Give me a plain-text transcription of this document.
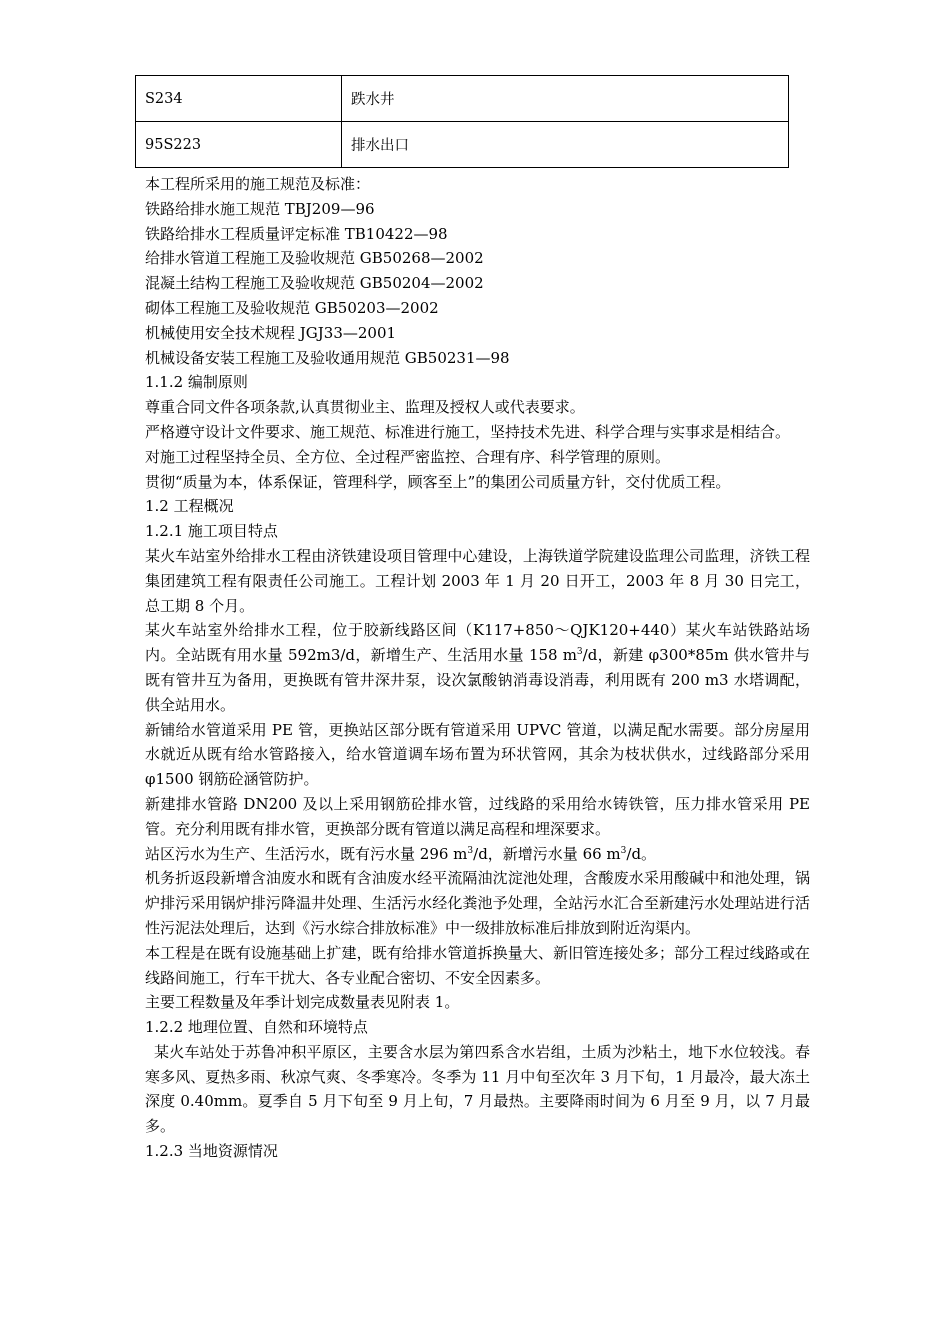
S234	跌水井
95S223	排水出口

本工程所采用的施工规范及标准：

铁路给排水施工规范 TBJ209—96

铁路给排水工程质量评定标准 TB10422—98

给排水管道工程施工及验收规范 GB50268—2002

混凝土结构工程施工及验收规范 GB50204—2002

砌体工程施工及验收规范 GB50203—2002

机械使用安全技术规程 JGJ33—2001

机械设备安装工程施工及验收通用规范 GB50231—98

1.1.2 编制原则

尊重合同文件各项条款,认真贯彻业主、监理及授权人或代表要求。

严格遵守设计文件要求、施工规范、标准进行施工，坚持技术先进、科学合理与实事求是相结合。

对施工过程坚持全员、全方位、全过程严密监控、合理有序、科学管理的原则。

贯彻“质量为本，体系保证，管理科学，顾客至上”的集团公司质量方针，交付优质工程。

1.2 工程概况

1.2.1 施工项目特点

某火车站室外给排水工程由济铁建设项目管理中心建设，上海铁道学院建设监理公司监理，济铁工程集团建筑工程有限责任公司施工。工程计划 2003 年 1 月 20 日开工，2003 年 8 月 30 日完工，总工期 8 个月。

某火车站室外给排水工程，位于胶新线路区间（K117+850～QJK120+440）某火车站铁路站场内。全站既有用水量 592m3/d，新增生产、生活用水量 158 $m^3/d$，新建 φ300*85m 供水管井与既有管井互为备用，更换既有管井深井泵，设次氯酸钠消毒设消毒，利用既有 200 m3 水塔调配，供全站用水。

新铺给水管道采用 PE 管，更换站区部分既有管道采用 UPVC 管道，以满足配水需要。部分房屋用水就近从既有给水管路接入，给水管道调车场布置为环状管网，其余为枝状供水，过线路部分采用 φ1500 钢筋砼涵管防护。

新建排水管路 DN200 及以上采用钢筋砼排水管，过线路的采用给水铸铁管，压力排水管采用 PE 管。充分利用既有排水管，更换部分既有管道以满足高程和埋深要求。

站区污水为生产、生活污水，既有污水量 296 $m^3/d$，新增污水量 66 $m^3/d$。

机务折返段新增含油废水和既有含油废水经平流隔油沈淀池处理，含酸废水采用酸碱中和池处理，锅炉排污采用锅炉排污降温井处理、生活污水经化粪池予处理，全站污水汇合至新建污水处理站进行活性污泥法处理后，达到《污水综合排放标准》中一级排放标准后排放到附近沟渠内。

本工程是在既有设施基础上扩建，既有给排水管道拆换量大、新旧管连接处多；部分工程过线路或在线路间施工，行车干扰大、各专业配合密切、不安全因素多。

主要工程数量及年季计划完成数量表见附表 1。

1.2.2 地理位置、自然和环境特点

某火车站处于苏鲁冲积平原区，主要含水层为第四系含水岩组，土质为沙粘土，地下水位较浅。春寒多风、夏热多雨、秋凉气爽、冬季寒冷。冬季为 11 月中旬至次年 3 月下旬，1 月最冷，最大冻土深度 0.40mm。夏季自 5 月下旬至 9 月上旬，7 月最热。主要降雨时间为 6 月至 9 月，以 7 月最多。

1.2.3 当地资源情况
